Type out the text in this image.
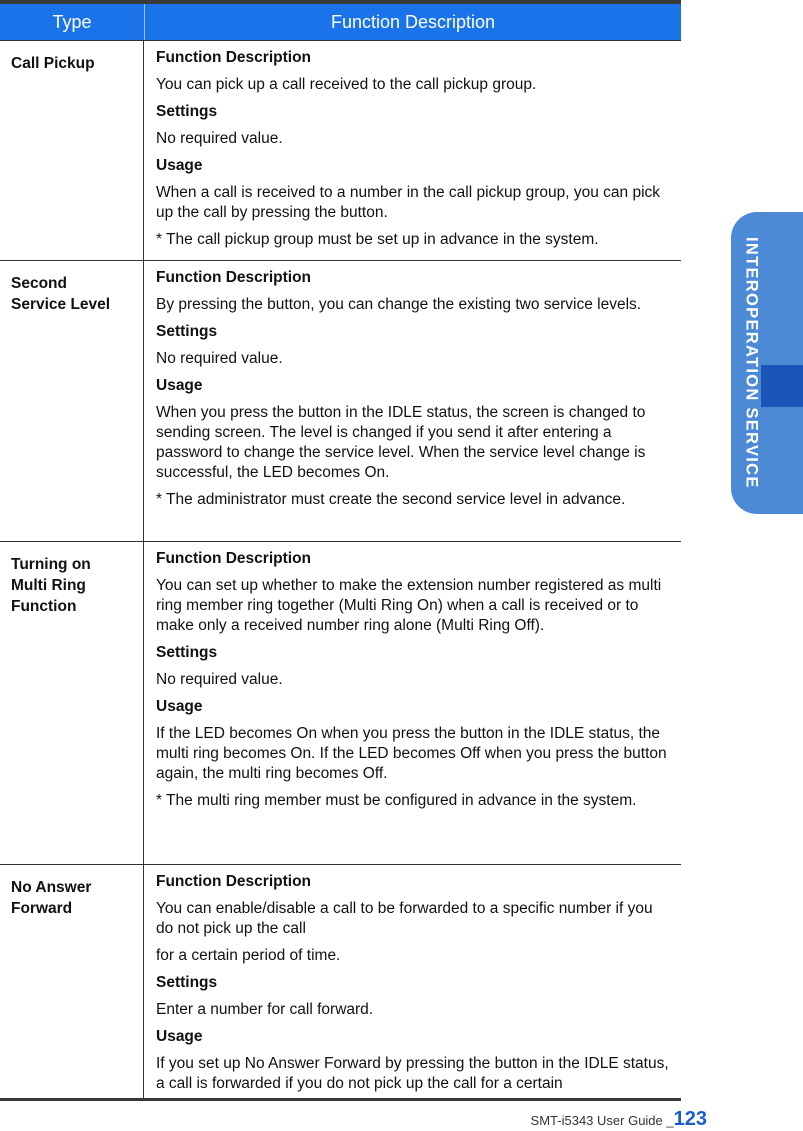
Type	Function Description
Call Pickup	Function Description

You can pick up a call received to the call pickup group.

Settings

No required value.

Usage

When a call is received to a number in the call pickup group, you can pick up the call by pressing the button.

* The call pickup group must be set up in advance in the system.

Second
Service Level

Function Description

By pressing the button, you can change the existing two service levels.

Settings

No required value.

Usage

When you press the button in the IDLE status, the screen is changed to sending screen. The level is changed if you send it after entering a password to change the service level. When the service level change is successful, the LED becomes On.

* The administrator must create the second service level in advance.

Turning on
Multi Ring
Function

Function Description

You can set up whether to make the extension number registered as multi ring member ring together (Multi Ring On) when a call is received or to make only a received number ring alone (Multi Ring Off).

Settings

No required value.

Usage

If the LED becomes On when you press the button in the IDLE status, the multi ring becomes On. If the LED becomes Off when you press the button again, the multi ring becomes Off.

* The multi ring member must be configured in advance in the system.

No Answer
Forward

Function Description

You can enable/disable a call to be forwarded to a specific number if you do not pick up the call

for a certain period of time.

Settings

Enter a number for call forward.

Usage

If you set up No Answer Forward by pressing the button in the IDLE status, a call is forwarded if you do not pick up the call for a certain

INTEROPERATION SERVICE
SMT-i5343 User Guide _ 123
